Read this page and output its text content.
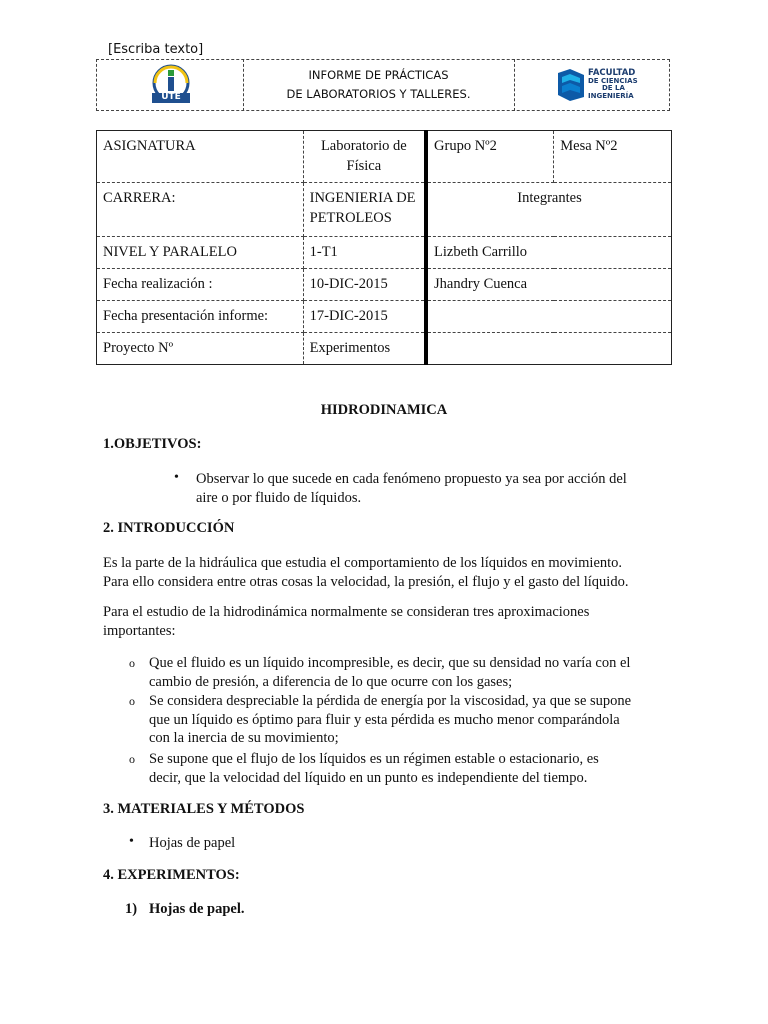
[Escriba texto]
UTE
INFORME DE PRÁCTICAS
DE LABORATORIOS Y TALLERES.
FACULTAD
DE CIENCIAS
DE LA
INGENIERÍA
ASIGNATURA	Laboratorio de Física	Grupo Nº2	Mesa Nº2
CARRERA:	INGENIERIA DE PETROLEOS	Integrantes	
NIVEL Y PARALELO	1-T1	Lizbeth Carrillo	
Fecha realización :	10-DIC-2015	Jhandry Cuenca	
Fecha presentación informe:	17-DIC-2015		
Proyecto Nº	Experimentos		
HIDRODINAMICA
1.OBJETIVOS:
• Observar lo que sucede en cada fenómeno propuesto ya sea por acción del
aire o por fluido de líquidos.
2. INTRODUCCIÓN
Es la parte de la hidráulica que estudia el comportamiento de los líquidos en movimiento.
Para ello considera entre otras cosas la velocidad, la presión, el flujo y el gasto del líquido.
Para el estudio de la hidrodinámica normalmente se consideran tres aproximaciones
importantes:
o Que el fluido es un líquido incompresible, es decir, que su densidad no varía con el
cambio de presión, a diferencia de lo que ocurre con los gases;
o Se considera despreciable la pérdida de energía por la viscosidad, ya que se supone
que un líquido es óptimo para fluir y esta pérdida es mucho menor comparándola
con la inercia de su movimiento;
o Se supone que el flujo de los líquidos es un régimen estable o estacionario, es
decir, que la velocidad del líquido en un punto es independiente del tiempo.
3. MATERIALES Y MÉTODOS
• Hojas de papel
4. EXPERIMENTOS:
1) Hojas de papel.
